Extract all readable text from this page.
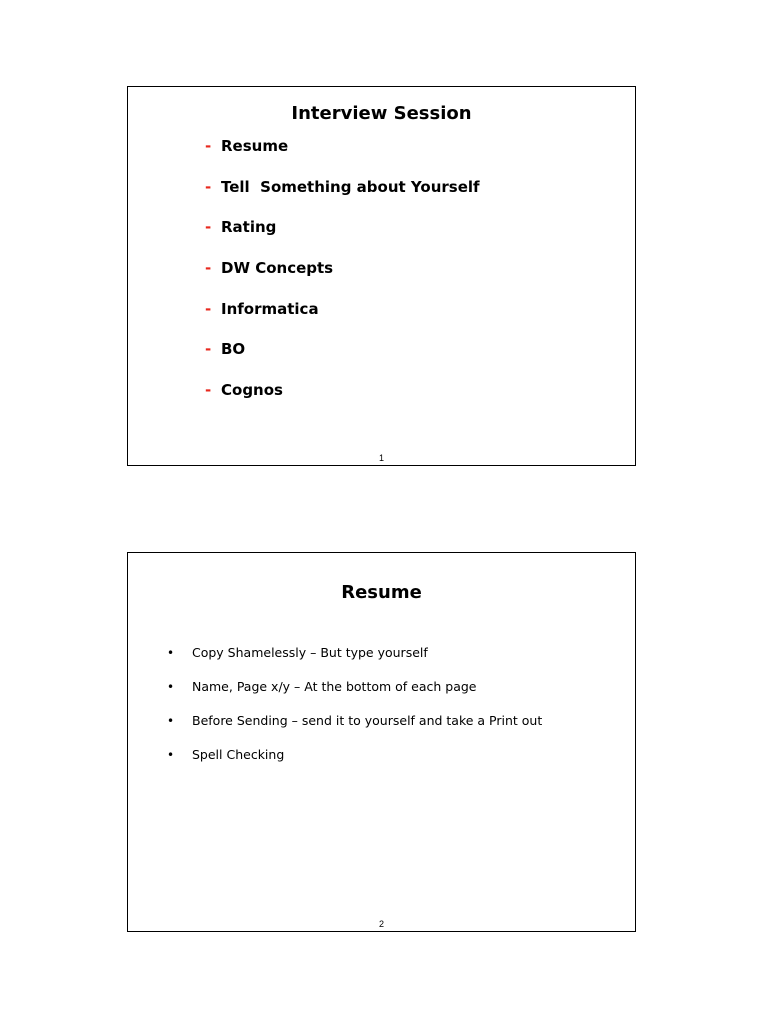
Interview Session
- Resume
- Tell  Something about Yourself
- Rating
- DW Concepts
- Informatica
- BO
- Cognos
1
Resume
• Copy Shamelessly – But type yourself
• Name, Page x/y – At the bottom of each page
• Before Sending – send it to yourself and take a Print out
• Spell Checking
2
